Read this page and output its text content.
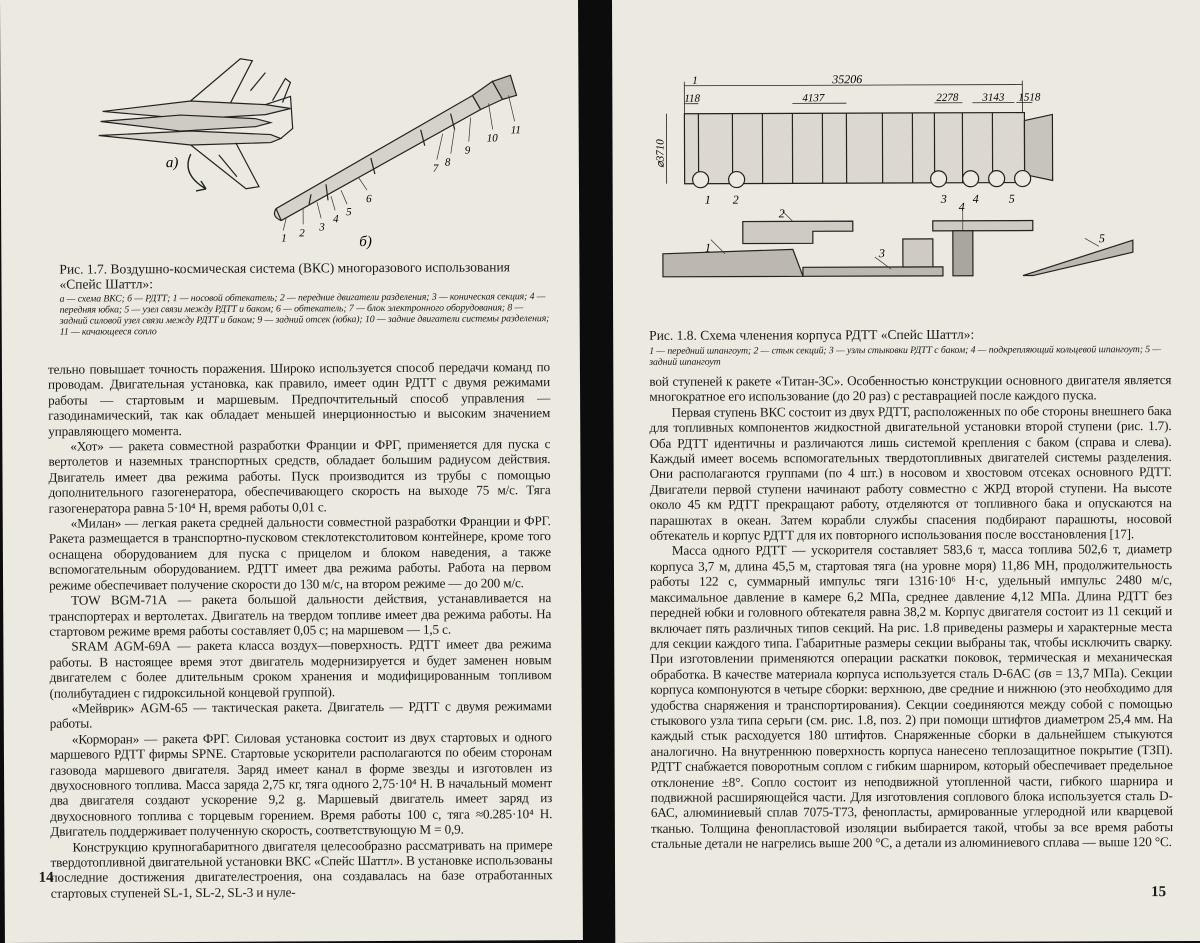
а)
б)
1 2
3
4
5
6
7
8
9
10
11
Рис. 1.7. Воздушно-космическая система (ВКС) многоразового использования «Спейс Шаттл»:
а — схема ВКС; б — РДТТ; 1 — носовой обтекатель; 2 — передние двигатели разделения; 3 — коническая секция; 4 — передняя юбка; 5 — узел связи между РДТТ и баком; 6 — обтекатель; 7 — блок электронного оборудования; 8 — задний силовой узел связи между РДТТ и баком; 9 — задний отсек (юбка); 10 — задние двигатели системы разделения; 11 — качающееся сопло

тельно повышает точность поражения. Широко используется способ передачи команд по проводам. Двигательная установка, как правило, имеет один РДТТ с двумя режимами работы — стартовым и маршевым. Предпочтительный способ управления — газодинамический, так как обладает меньшей инерционностью и высоким значением управляющего момента.

«Хот» — ракета совместной разработки Франции и ФРГ, применяется для пуска с вертолетов и наземных транспортных средств, обладает большим радиусом действия. Двигатель имеет два режима работы. Пуск производится из трубы с помощью дополнительного газогенератора, обеспечивающего скорость на выходе 75 м/с. Тяга газогенератора равна 5·10⁴ Н, время работы 0,01 с.

«Милан» — легкая ракета средней дальности совместной разработки Франции и ФРГ. Ракета размещается в транспортно-пусковом стеклотекстолитовом контейнере, кроме того оснащена оборудованием для пуска с прицелом и блоком наведения, а также вспомогательным оборудованием. РДТТ имеет два режима работы. Работа на первом режиме обеспечивает получение скорости до 130 м/с, на втором режиме — до 200 м/с.

TOW BGM-71А — ракета большой дальности действия, устанавливается на транспортерах и вертолетах. Двигатель на твердом топливе имеет два режима работы. На стартовом режиме время работы составляет 0,05 с; на маршевом — 1,5 с.

SRAM AGM-69А — ракета класса воздух—поверхность. РДТТ имеет два режима работы. В настоящее время этот двигатель модернизируется и будет заменен новым двигателем с более длительным сроком хранения и модифицированным топливом (полибутадиен с гидроксильной концевой группой).

«Мейврик» AGM-65 — тактическая ракета. Двигатель — РДТТ с двумя режимами работы.

«Корморан» — ракета ФРГ. Силовая установка состоит из двух стартовых и одного маршевого РДТТ фирмы SPNE. Стартовые ускорители располагаются по обеим сторонам газовода маршевого двигателя. Заряд имеет канал в форме звезды и изготовлен из двухосновного топлива. Масса заряда 2,75 кг, тяга одного 2,75·10⁴ Н. В начальный момент два двигателя создают ускорение 9,2 g. Маршевый двигатель имеет заряд из двухосновного топлива с торцевым горением. Время работы 100 с, тяга ≈0.285·10⁴ Н. Двигатель поддерживает полученную скорость, соответствующую М = 0,9.

Конструкцию крупногабаритного двигателя целесообразно рассматривать на примере твердотопливной двигательной установки ВКС «Спейс Шаттл». В установке использованы последние достижения двигателестроения, она создавалась на базе отработанных стартовых ступеней SL-1, SL-2, SL-3 и нуле-

14
35206
118	4137	2278 3143 1518
⌀3710
1
1 2	3 4 5
1
2
3
4
5
Рис. 1.8. Схема членения корпуса РДТТ «Спейс Шаттл»:
1 — передний шпангоут; 2 — стык секций; 3 — узлы стыковки РДТТ с баком; 4 — подкрепляющий кольцевой шпангоут; 5 — задний шпангоут

вой ступеней к ракете «Титан-3С». Особенностью конструкции основного двигателя является многократное его использование (до 20 раз) с реставрацией после каждого пуска.

Первая ступень ВКС состоит из двух РДТТ, расположенных по обе стороны внешнего бака для топливных компонентов жидкостной двигательной установки второй ступени (рис. 1.7). Оба РДТТ идентичны и различаются лишь системой крепления с баком (справа и слева). Каждый имеет восемь вспомогательных твердотопливных двигателей системы разделения. Они располагаются группами (по 4 шт.) в носовом и хвостовом отсеках основного РДТТ. Двигатели первой ступени начинают работу совместно с ЖРД второй ступени. На высоте около 45 км РДТТ прекращают работу, отделяются от топливного бака и опускаются на парашютах в океан. Затем корабли службы спасения подбирают парашюты, носовой обтекатель и корпус РДТТ для их повторного использования после восстановления [17].

Масса одного РДТТ — ускорителя составляет 583,6 т, масса топлива 502,6 т, диаметр корпуса 3,7 м, длина 45,5 м, стартовая тяга (на уровне моря) 11,86 МН, продолжительность работы 122 с, суммарный импульс тяги 1316·10⁶ Н·с, удельный импульс 2480 м/с, максимальное давление в камере 6,2 МПа, среднее давление 4,12 МПа. Длина РДТТ без передней юбки и головного обтекателя равна 38,2 м. Корпус двигателя состоит из 11 секций и включает пять различных типов секций. На рис. 1.8 приведены размеры и характерные места для секции каждого типа. Габаритные размеры секции выбраны так, чтобы исключить сварку. При изготовлении применяются операции раскатки поковок, термическая и механическая обработка. В качестве материала корпуса используется сталь D-6АС (σв = 13,7 МПа). Секции корпуса компонуются в четыре сборки: верхнюю, две средние и нижнюю (это необходимо для удобства снаряжения и транспортирования). Секции соединяются между собой с помощью стыкового узла типа серьги (см. рис. 1.8, поз. 2) при помощи штифтов диаметром 25,4 мм. На каждый стык расходуется 180 штифтов. Снаряженные сборки в дальнейшем стыкуются аналогично. На внутреннюю поверхность корпуса нанесено теплозащитное покрытие (ТЗП). РДТТ снабжается поворотным соплом с гибким шарниром, который обеспечивает предельное отклонение ±8°. Сопло состоит из неподвижной утопленной части, гибкого шарнира и подвижной расширяющейся части. Для изготовления соплового блока используется сталь D-6АС, алюминиевый сплав 7075-Т73, фенопласты, армированные углеродной или кварцевой тканью. Толщина фенопластовой изоляции выбирается такой, чтобы за все время работы стальные детали не нагрелись выше 200 °С, а детали из алюминиевого сплава — выше 120 °С.

15
